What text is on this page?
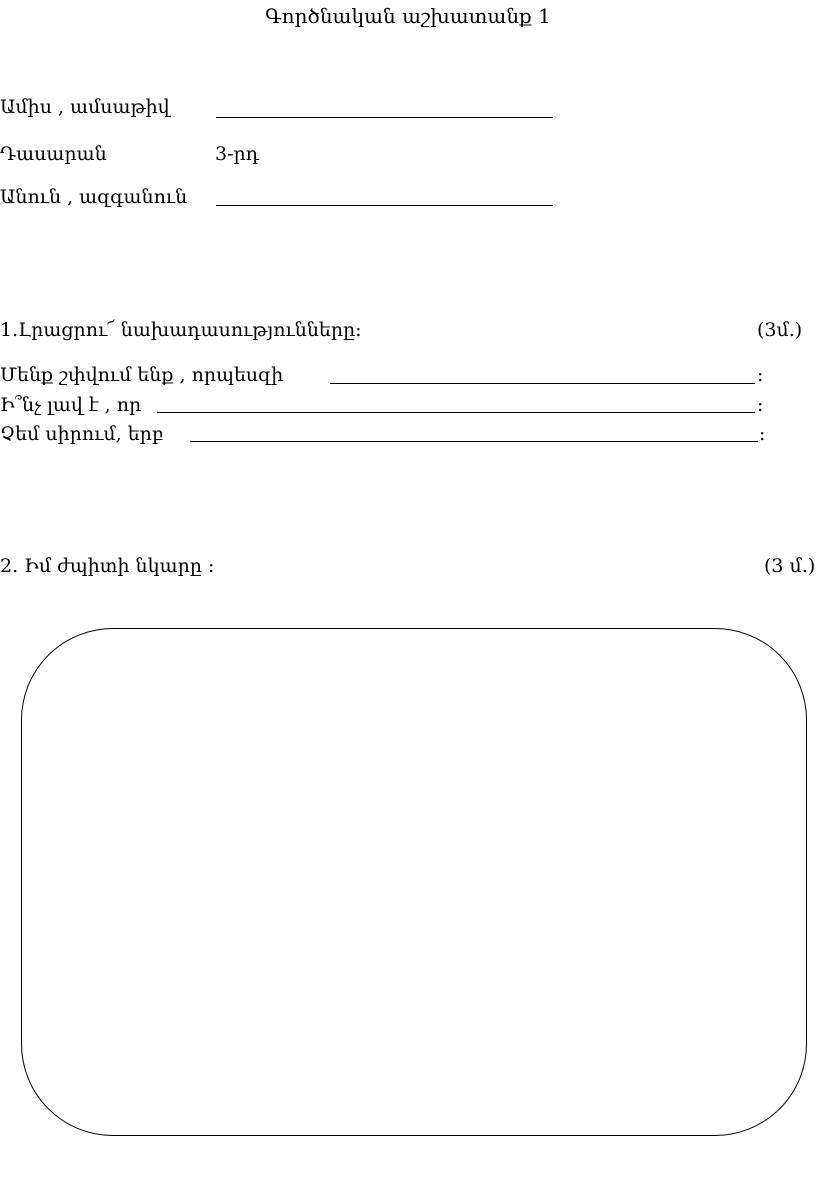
Գործնական աշխատանք 1
Ամիս , ամսաթիվ
Դասարան	3-րդ
Անուն , ազգանուն
1.Լրացրու՜ նախադասությունները:	(3մ.)
Մենք շփվում ենք , որպեսզի	:
Ի՞նչ լավ է , որ	:
Չեմ սիրում, երբ	:
2. Իմ ժպիտի նկարը :	(3 մ.)
